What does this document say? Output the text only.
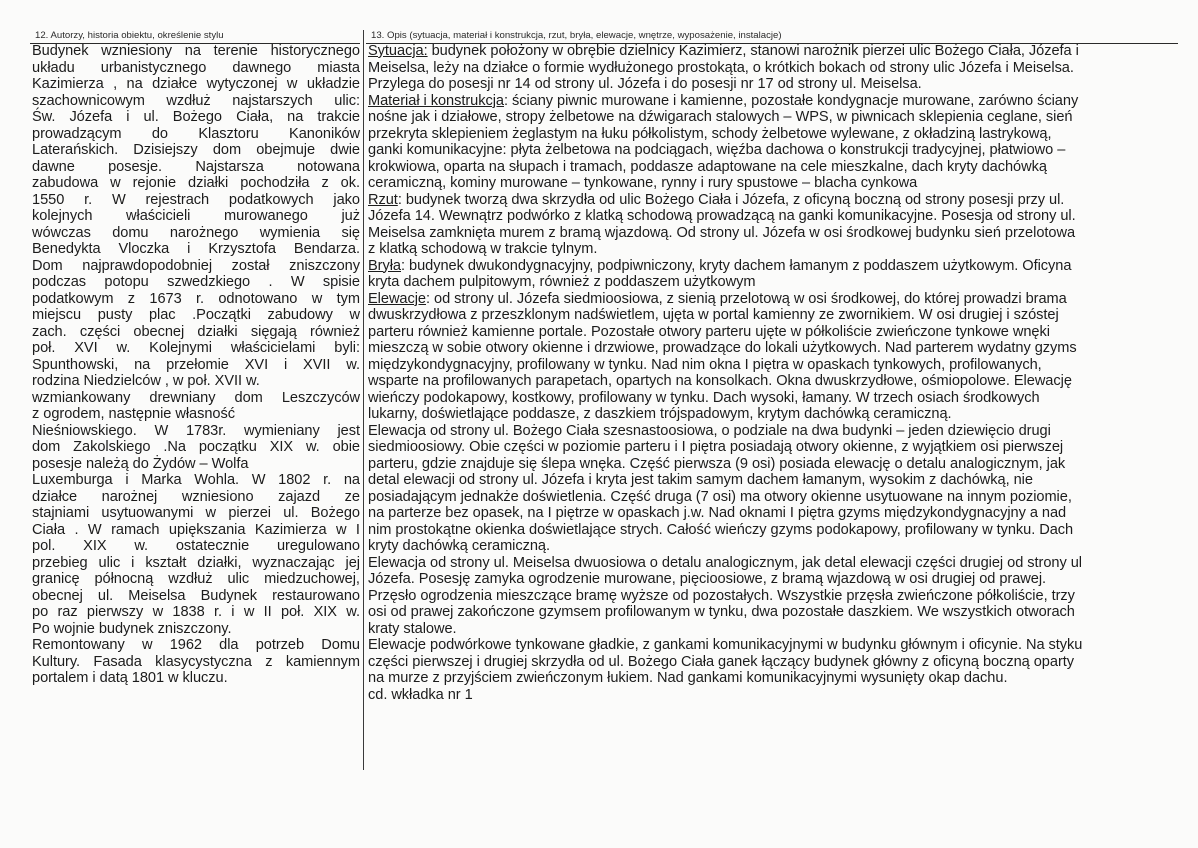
12. Autorzy, historia obiektu, określenie stylu
Budynek wzniesiony na terenie historycznego
układu urbanistycznego dawnego miasta
Kazimierza , na działce wytyczonej w układzie
szachownicowym wzdłuż najstarszych ulic:
Św. Józefa i ul. Bożego Ciała, na trakcie
prowadzącym do Klasztoru Kanoników
Laterańskich. Dzisiejszy dom obejmuje dwie
dawne posesje. Najstarsza notowana
zabudowa w rejonie działki pochodziła z ok.
1550 r. W rejestrach podatkowych jako
kolejnych właścicieli murowanego już
wówczas domu narożnego wymienia się
Benedykta Vloczka i Krzysztofa Bendarza.
Dom najprawdopodobniej został zniszczony
podczas potopu szwedzkiego . W spisie
podatkowym z 1673 r. odnotowano w tym
miejscu pusty plac .Początki zabudowy w
zach. części obecnej działki sięgają również
poł. XVI w. Kolejnymi właścicielami byli:
Spunthowski, na przełomie XVI i XVII w.
rodzina Niedzielców , w poł. XVII w.
wzmiankowany drewniany dom Leszczyców
z ogrodem, następnie własność
Nieśniowskiego. W 1783r. wymieniany jest
dom Zakolskiego .Na początku XIX w. obie
posesje należą do Żydów – Wolfa
Luxemburga i Marka Wohla. W 1802 r. na
działce narożnej wzniesiono zajazd ze
stajniami usytuowanymi w pierzei ul. Bożego
Ciała . W ramach upiększania Kazimierza w I
pol. XIX w. ostatecznie uregulowano
przebieg ulic i kształt działki, wyznaczając jej
granicę północną wzdłuż ulic miedzuchowej,
obecnej ul. Meiselsa Budynek restaurowano
po raz pierwszy w 1838 r. i w II poł. XIX w.
Po wojnie budynek zniszczony.
Remontowany w 1962 dla potrzeb Domu
Kultury. Fasada klasycystyczna z kamiennym
portalem i datą 1801 w kluczu.
13. Opis (sytuacja, materiał i konstrukcja, rzut, bryła, elewacje, wnętrze, wyposażenie, instalacje)
Sytuacja: budynek położony w obrębie dzielnicy Kazimierz, stanowi narożnik pierzei ulic Bożego Ciała, Józefa i
Meiselsa, leży na działce o formie wydłużonego prostokąta, o krótkich bokach od strony ulic Józefa i Meiselsa.
Przylega do posesji nr 14 od strony ul. Józefa i do posesji nr 17 od strony ul. Meiselsa.
Materiał i konstrukcja: ściany piwnic murowane i kamienne, pozostałe kondygnacje murowane, zarówno ściany
nośne jak i działowe, stropy żelbetowe na dźwigarach stalowych – WPS, w piwnicach sklepienia ceglane, sień
przekryta sklepieniem żeglastym na łuku półkolistym, schody żelbetowe wylewane, z okładziną lastrykową,
ganki komunikacyjne: płyta żelbetowa na podciągach, więźba dachowa o konstrukcji tradycyjnej, płatwiowo –
krokwiowa, oparta na słupach i tramach, poddasze adaptowane na cele mieszkalne, dach kryty dachówką
ceramiczną, kominy murowane – tynkowane, rynny i rury spustowe – blacha cynkowa
Rzut: budynek tworzą dwa skrzydła od ulic Bożego Ciała i Józefa, z oficyną boczną od strony posesji przy ul.
Józefa 14. Wewnątrz podwórko z klatką schodową prowadzącą na ganki komunikacyjne. Posesja od strony ul.
Meiselsa zamknięta murem z bramą wjazdową. Od strony ul. Józefa w osi środkowej budynku sień przelotowa
z klatką schodową w trakcie tylnym.
Bryła: budynek dwukondygnacyjny, podpiwniczony, kryty dachem łamanym z poddaszem użytkowym. Oficyna
kryta dachem pulpitowym, również z poddaszem użytkowym
Elewacje: od strony ul. Józefa siedmioosiowa, z sienią przelotową w osi środkowej, do której prowadzi brama
dwuskrzydłowa z przeszklonym nadświetlem, ujęta w portal kamienny ze zwornikiem. W osi drugiej i szóstej
parteru również kamienne portale. Pozostałe otwory parteru ujęte w półkoliście zwieńczone tynkowe wnęki
mieszczą w sobie otwory okienne i drzwiowe, prowadzące do lokali użytkowych. Nad parterem wydatny gzyms
międzykondygnacyjny, profilowany w tynku. Nad nim okna I piętra w opaskach tynkowych, profilowanych,
wsparte na profilowanych parapetach, opartych na konsolkach. Okna dwuskrzydłowe, ośmiopolowe. Elewację
wieńczy podokapowy, kostkowy, profilowany w tynku. Dach wysoki, łamany. W trzech osiach środkowych
lukarny, doświetlające poddasze, z daszkiem trójspadowym, krytym dachówką ceramiczną.
Elewacja od strony ul. Bożego Ciała szesnastoosiowa, o podziale na dwa budynki – jeden dziewięcio drugi
siedmioosiowy. Obie części w poziomie parteru i I piętra posiadają otwory okienne, z wyjątkiem osi pierwszej
parteru, gdzie znajduje się ślepa wnęka. Część pierwsza (9 osi) posiada elewację o detalu analogicznym, jak
detal elewacji od strony ul. Józefa i kryta jest takim samym dachem łamanym, wysokim z dachówką, nie
posiadającym jednakże doświetlenia. Część druga (7 osi) ma otwory okienne usytuowane na innym poziomie,
na parterze bez opasek, na I piętrze w opaskach j.w. Nad oknami I piętra gzyms międzykondygnacyjny a nad
nim prostokątne okienka doświetlające strych. Całość wieńczy gzyms podokapowy, profilowany w tynku. Dach
kryty dachówką ceramiczną.
Elewacja od strony ul. Meiselsa dwuosiowa o detalu analogicznym, jak detal elewacji części drugiej od strony ul
Józefa. Posesję zamyka ogrodzenie murowane, pięcioosiowe, z bramą wjazdową w osi drugiej od prawej.
Przęsło ogrodzenia mieszczące bramę wyższe od pozostałych. Wszystkie przęsła zwieńczone półkoliście, trzy
osi od prawej zakończone gzymsem profilowanym w tynku, dwa pozostałe daszkiem. We wszystkich otworach
kraty stalowe.
Elewacje podwórkowe tynkowane gładkie, z gankami komunikacyjnymi w budynku głównym i oficynie. Na styku
części pierwszej i drugiej skrzydła od ul. Bożego Ciała ganek łączący budynek główny z oficyną boczną oparty
na murze z przyjściem zwieńczonym łukiem. Nad gankami komunikacyjnymi wysunięty okap dachu.
cd. wkładka nr 1
